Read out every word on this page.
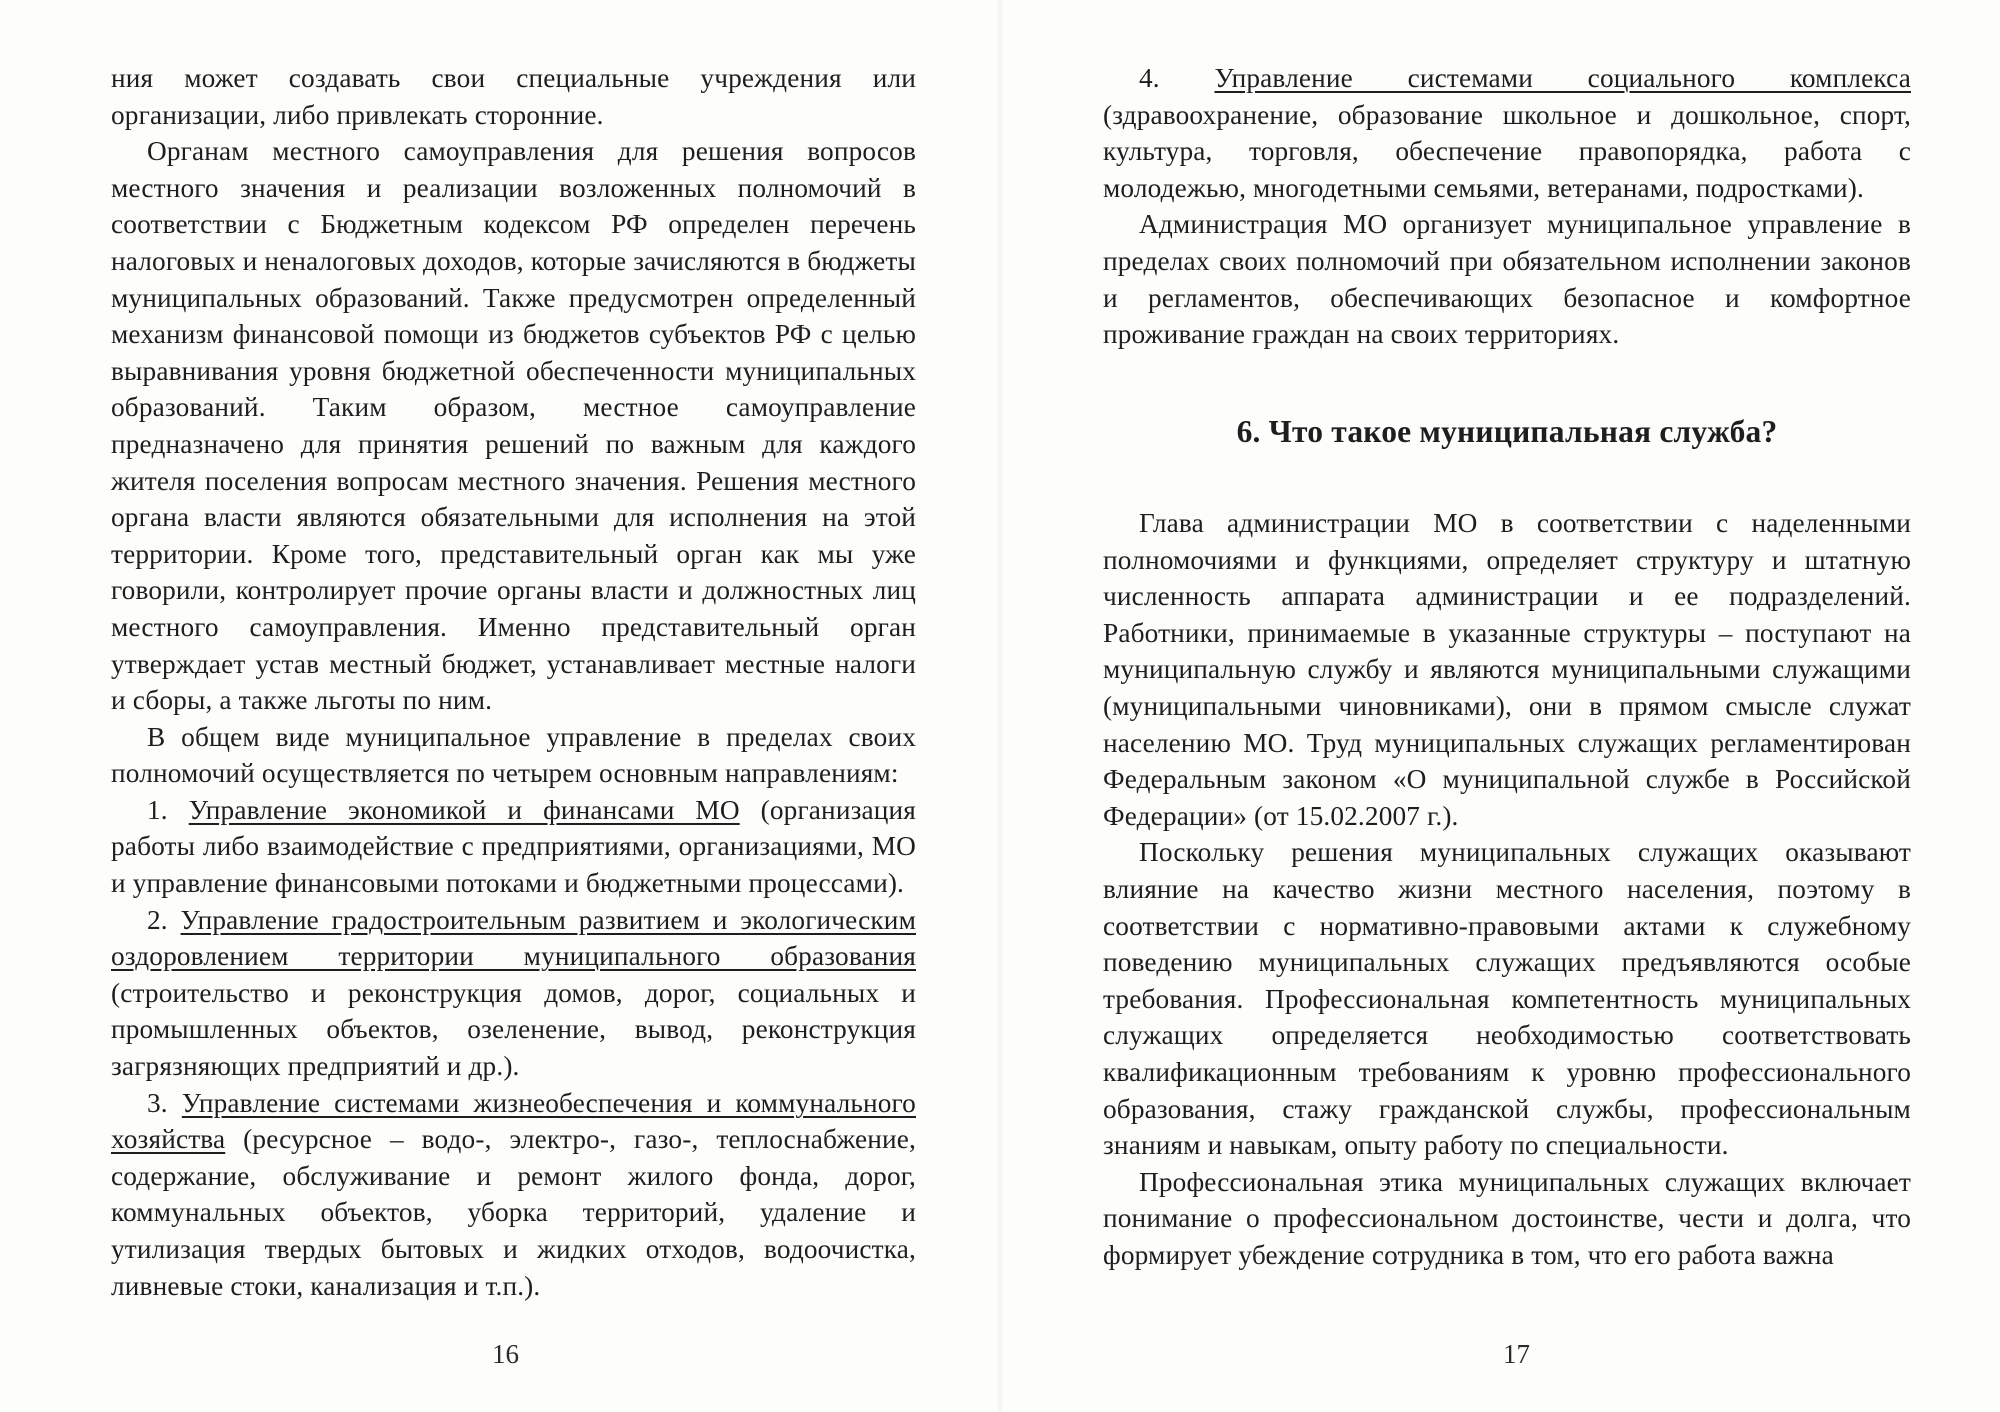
ния может создавать свои специальные учреждения или организации, либо привлекать сторонние.

Органам местного самоуправления для решения вопросов местного значения и реализации возложенных полномочий в соответствии с Бюджетным кодексом РФ определен перечень налоговых и неналоговых доходов, которые зачисляются в бюджеты муниципальных образований. Также предусмотрен определенный механизм финансовой помощи из бюджетов субъектов РФ с целью выравнивания уровня бюджетной обеспеченности муниципальных образований. Таким образом, местное самоуправление предназначено для принятия решений по важным для каждого жителя поселения вопросам местного значения. Решения местного органа власти являются обязательными для исполнения на этой территории. Кроме того, представительный орган как мы уже говорили, контролирует прочие органы власти и должностных лиц местного самоуправления. Именно представительный орган утверждает устав местный бюджет, устанавливает местные налоги и сборы, а также льготы по ним.

В общем виде муниципальное управление в пределах своих полномочий осуществляется по четырем основным направлениям:

1. Управление экономикой и финансами МО (организация работы либо взаимодействие с предприятиями, организациями, МО и управление финансовыми потоками и бюджетными процессами).

2. Управление градостроительным развитием и экологическим оздоровлением территории муниципального образования (строительство и реконструкция домов, дорог, социальных и промышленных объектов, озеленение, вывод, реконструкция загрязняющих предприятий и др.).

3. Управление системами жизнеобеспечения и коммунального хозяйства (ресурсное – водо-, электро-, газо-, теплоснабжение, содержание, обслуживание и ремонт жилого фонда, дорог, коммунальных объектов, уборка территорий, удаление и утилизация твердых бытовых и жидких отходов, водоочистка, ливневые стоки, канализация и т.п.).

16

4. Управление системами социального комплекса (здравоохранение, образование школьное и дошкольное, спорт, культура, торговля, обеспечение правопорядка, работа с молодежью, многодетными семьями, ветеранами, подростками).

Администрация МО организует муниципальное управление в пределах своих полномочий при обязательном исполнении законов и регламентов, обеспечивающих безопасное и комфортное проживание граждан на своих территориях.

6. Что такое муниципальная служба?

Глава администрации МО в соответствии с наделенными полномочиями и функциями, определяет структуру и штатную численность аппарата администрации и ее подразделений. Работники, принимаемые в указанные структуры – поступают на муниципальную службу и являются муниципальными служащими (муниципальными чиновниками), они в прямом смысле служат населению МО. Труд муниципальных служащих регламентирован Федеральным законом «О муниципальной службе в Российской Федерации» (от 15.02.2007 г.).

Поскольку решения муниципальных служащих оказывают влияние на качество жизни местного населения, поэтому в соответствии с нормативно-правовыми актами к служебному поведению муниципальных служащих предъявляются особые требования. Профессиональная компетентность муниципальных служащих определяется необходимостью соответствовать квалификационным требованиям к уровню профессионального образования, стажу гражданской службы, профессиональным знаниям и навыкам, опыту работу по специальности.

Профессиональная этика муниципальных служащих включает понимание о профессиональном достоинстве, чести и долга, что формирует убеждение сотрудника в том, что его работа важна

17
